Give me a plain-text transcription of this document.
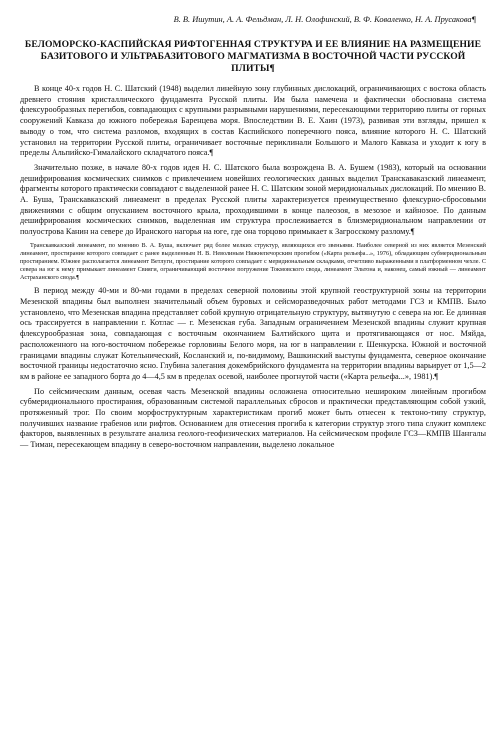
В. В. Ишутин, А. А. Фельдман, Л. Н. Олофинский, В. Ф. Коваленко, Н. А. Прусакова¶
БЕЛОМОРСКО-КАСПИЙСКАЯ РИФТОГЕННАЯ СТРУКТУРА И ЕЕ ВЛИЯНИЕ НА РАЗМЕЩЕНИЕ БАЗИТОВОГО И УЛЬТРАБАЗИТОВОГО МАГМАТИЗМА В ВОСТОЧНОЙ ЧАСТИ РУССКОЙ ПЛИТЫ¶

В конце 40-х годов Н. С. Шатский (1948) выделил линейную зону глубинных дислокаций, ограничивающих с востока область древнего стояния кристаллического фундамента Русской плиты. Им была намечена и фактически обоснована система флексурообразных перегибов, совпадающих с крупными разрывными нарушениями, пересекающими территорию плиты от горных сооружений Кавказа до южного побережья Баренцева моря. Впоследствии В. Е. Хаин (1973), развивая эти взгляды, пришел к выводу о том, что система разломов, входящих в состав Каспийского поперечного пояса, влияние которого Н. С. Шатский установил на территории Русской плиты, ограничивает восточные периклинали Большого и Малого Кавказа и уходит к югу в пределы Альпийско-Гималайского складчатого пояса.¶

Значительно позже, в начале 80-х годов идея Н. С. Шатского была возрождена В. А. Бушем (1983), который на основании дешифрирования космических снимков с привлечением новейших геологических данных выделил Транскаваказский линеамент, фрагменты которого практически совпадают с выделенной ранее Н. С. Шатским зоной меридиональных дислокаций. По мнению В. А. Буша, Транскавказский линеамент в пределах Русской плиты характеризуется преимущественно флексурно-сбросовыми движениями с общим опусканием восточного крыла, проходившими в конце палеозоя, в мезозое и кайнозое. По данным дешифрирования космических снимков, выделенная им структура прослеживается в близмеридиональном направлении от полуострова Канин на севере до Иранского нагорья на юге, где она торцово примыкает к Загросскому разлому.¶

Транскавказский линеамент, по мнению В. А. Буша, включает ряд более мелких структур, являющихся его звеньями. Наиболее северной из них является Мезенский линеамент, простирание которого совпадает с ранее выделенным Н. В. Неволиным Нижнепечорским прогибом («Карта рельефа...», 1976), обладающим субмеридиональным простиранием. Южнее располагается линеамент Ветлуги, простирание которого совпадает с меридиональным складками, отчетливо выраженными в платформенном чехле. С севера на юг к нему примыкает линеамент Свияги, ограничивающий восточное погружение Токмовского свода, линеамент Эльтона и, наконец, самый южный — линеамент Астраханского свода.¶

В период между 40-ми и 80-ми годами в пределах северной половины этой крупной геоструктурной зоны на территории Мезенской впадины был выполнен значительный объем буровых и сейсморазведочных работ методами ГСЗ и КМПВ. Было установлено, что Мезенская впадина представляет собой крупную отрицательную структуру, вытянутую с севера на юг. Ее длинная ось трассируется в направлении г. Котлас — г. Мезенская губа. Западным ограничением Мезенской впадины служит крупная флексурообразная зона, совпадающая с восточным окончанием Балтийского щита и протягивающаяся от нос. Мяйда, расположенного на юго-восточном побережье горловины Белого моря, на юг в направлении г. Шенкурска. Южной и восточной границами впадины служат Котельнический, Косланский и, по-видимому, Вашкинский выступы фундамента, северное окончание восточной границы недостаточно ясно. Глубина залегания докембрийского фундамента на территории впадины варьирует от 1,5—2 км в районе ее западного борта до 4—4,5 км в пределах осевой, наиболее прогнутой части («Карта рельефа...», 1981).¶

По сейсмическим данным, осевая часть Мезенской впадины осложнена относительно нешироким линейным прогибом субмеридионального простирания, образованным системой параллельных сбросов и практически представляющим собой узкий, протяженный трог. По своим морфоструктурным характеристикам прогиб может быть отнесен к тектоно-типу структур, получивших название грабенов или рифтов. Основанием для отнесения прогиба к категории структур этого типа служит комплекс факторов, выявленных в результате анализа геолого-геофизических материалов. На сейсмическом профиле ГСЗ—КМПВ Шангалы — Тиман, пересекающем впадину в северо-восточном направлении, выделено локальное
